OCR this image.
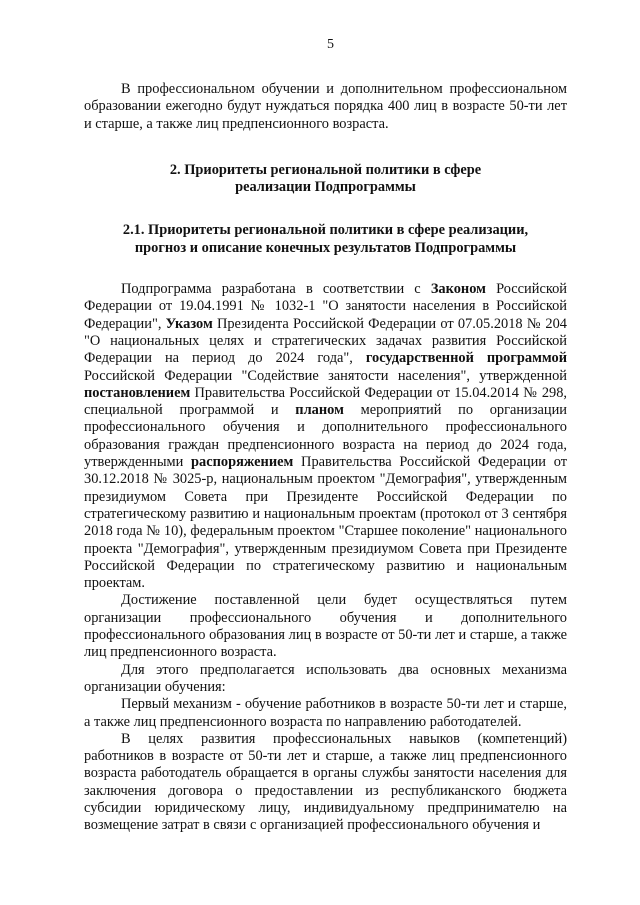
5

В профессиональном обучении и дополнительном профессиональном образовании ежегодно будут нуждаться порядка 400 лиц в возрасте 50-ти лет и старше, а также лиц предпенсионного возраста.

2. Приоритеты региональной политики в сфере

реализации Подпрограммы

2.1. Приоритеты региональной политики в сфере реализации,

прогноз и описание конечных результатов Подпрограммы

Подпрограмма разработана в соответствии с Законом Российской Федерации от 19.04.1991 № 1032-1 "О занятости населения в Российской Федерации", Указом Президента Российской Федерации от 07.05.2018 № 204 "О национальных целях и стратегических задачах развития Российской Федерации на период до 2024 года", государственной программой Российской Федерации "Содействие занятости населения", утвержденной постановлением Правительства Российской Федерации от 15.04.2014 № 298, специальной программой и планом мероприятий по организации профессионального обучения и дополнительного профессионального образования граждан предпенсионного возраста на период до 2024 года, утвержденными распоряжением Правительства Российской Федерации от 30.12.2018 № 3025-р, национальным проектом "Демография", утвержденным президиумом Совета при Президенте Российской Федерации по стратегическому развитию и национальным проектам (протокол от 3 сентября 2018 года № 10), федеральным проектом "Старшее поколение" национального проекта "Демография", утвержденным президиумом Совета при Президенте Российской Федерации по стратегическому развитию и национальным проектам.

Достижение поставленной цели будет осуществляться путем организации профессионального обучения и дополнительного профессионального образования лиц в возрасте от 50-ти лет и старше, а также лиц предпенсионного возраста.

Для этого предполагается использовать два основных механизма организации обучения:

Первый механизм - обучение работников в возрасте 50-ти лет и старше, а также лиц предпенсионного возраста по направлению работодателей.

В целях развития профессиональных навыков (компетенций) работников в возрасте от 50-ти лет и старше, а также лиц предпенсионного возраста работодатель обращается в органы службы занятости населения для заключения договора о предоставлении из республиканского бюджета субсидии юридическому лицу, индивидуальному предпринимателю на возмещение затрат в связи с организацией профессионального обучения и
